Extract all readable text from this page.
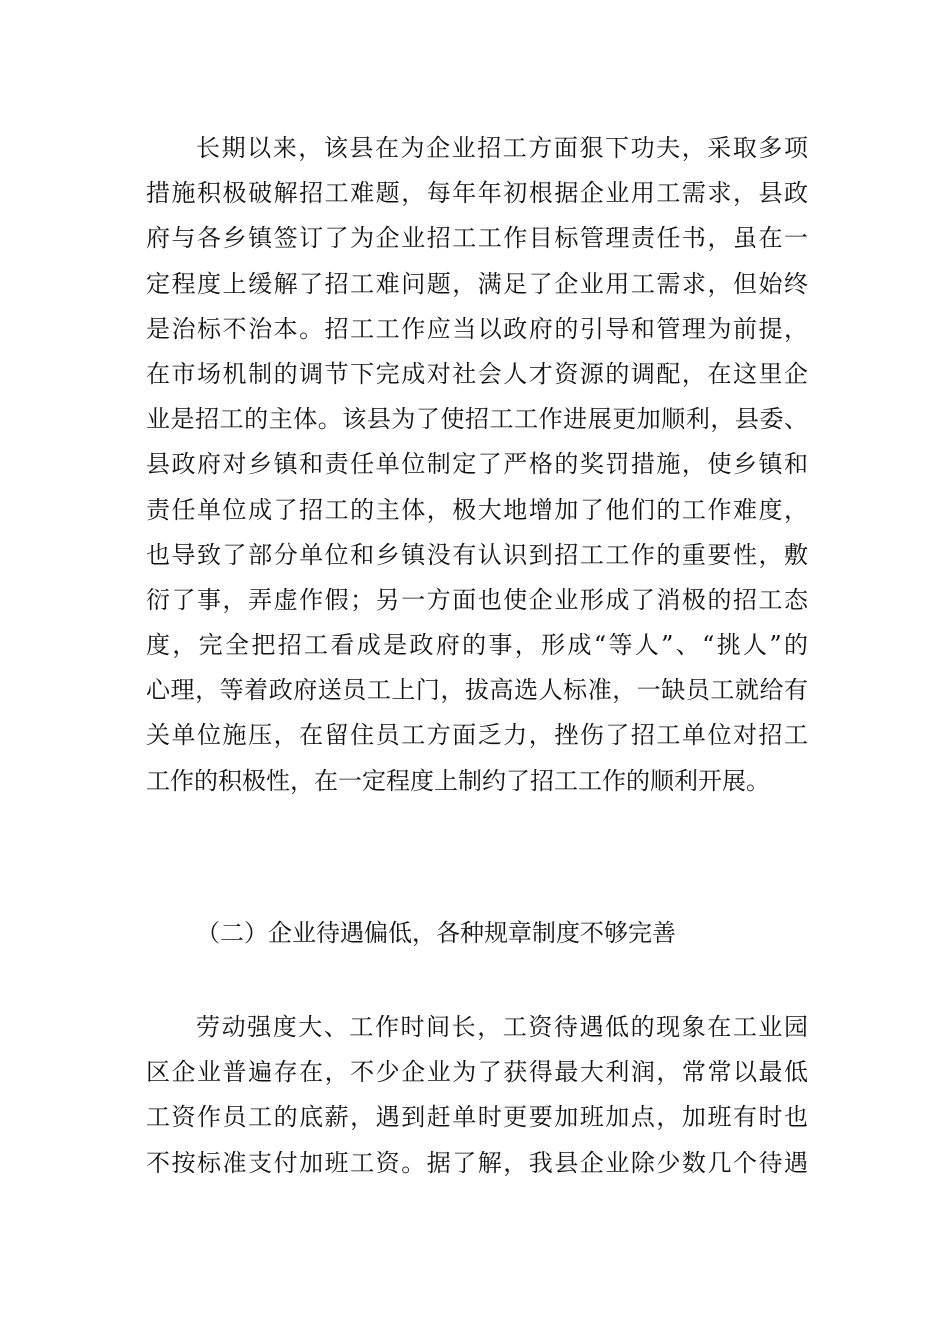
长期以来，该县在为企业招工方面狠下功夫，采取多项
措施积极破解招工难题，每年年初根据企业用工需求，县政
府与各乡镇签订了为企业招工工作目标管理责任书，虽在一
定程度上缓解了招工难问题，满足了企业用工需求，但始终
是治标不治本。招工工作应当以政府的引导和管理为前提，
在市场机制的调节下完成对社会人才资源的调配，在这里企
业是招工的主体。该县为了使招工工作进展更加顺利，县委、
县政府对乡镇和责任单位制定了严格的奖罚措施，使乡镇和
责任单位成了招工的主体，极大地增加了他们的工作难度，
也导致了部分单位和乡镇没有认识到招工工作的重要性，敷
衍了事，弄虚作假；另一方面也使企业形成了消极的招工态
度，完全把招工看成是政府的事，形成“等人”、“挑人”的
心理，等着政府送员工上门，拔高选人标准，一缺员工就给有
关单位施压，在留住员工方面乏力，挫伤了招工单位对招工
工作的积极性，在一定程度上制约了招工工作的顺利开展。
（二）企业待遇偏低，各种规章制度不够完善
劳动强度大、工作时间长，工资待遇低的现象在工业园
区企业普遍存在，不少企业为了获得最大利润，常常以最低
工资作员工的底薪，遇到赶单时更要加班加点，加班有时也
不按标准支付加班工资。据了解，我县企业除少数几个待遇
